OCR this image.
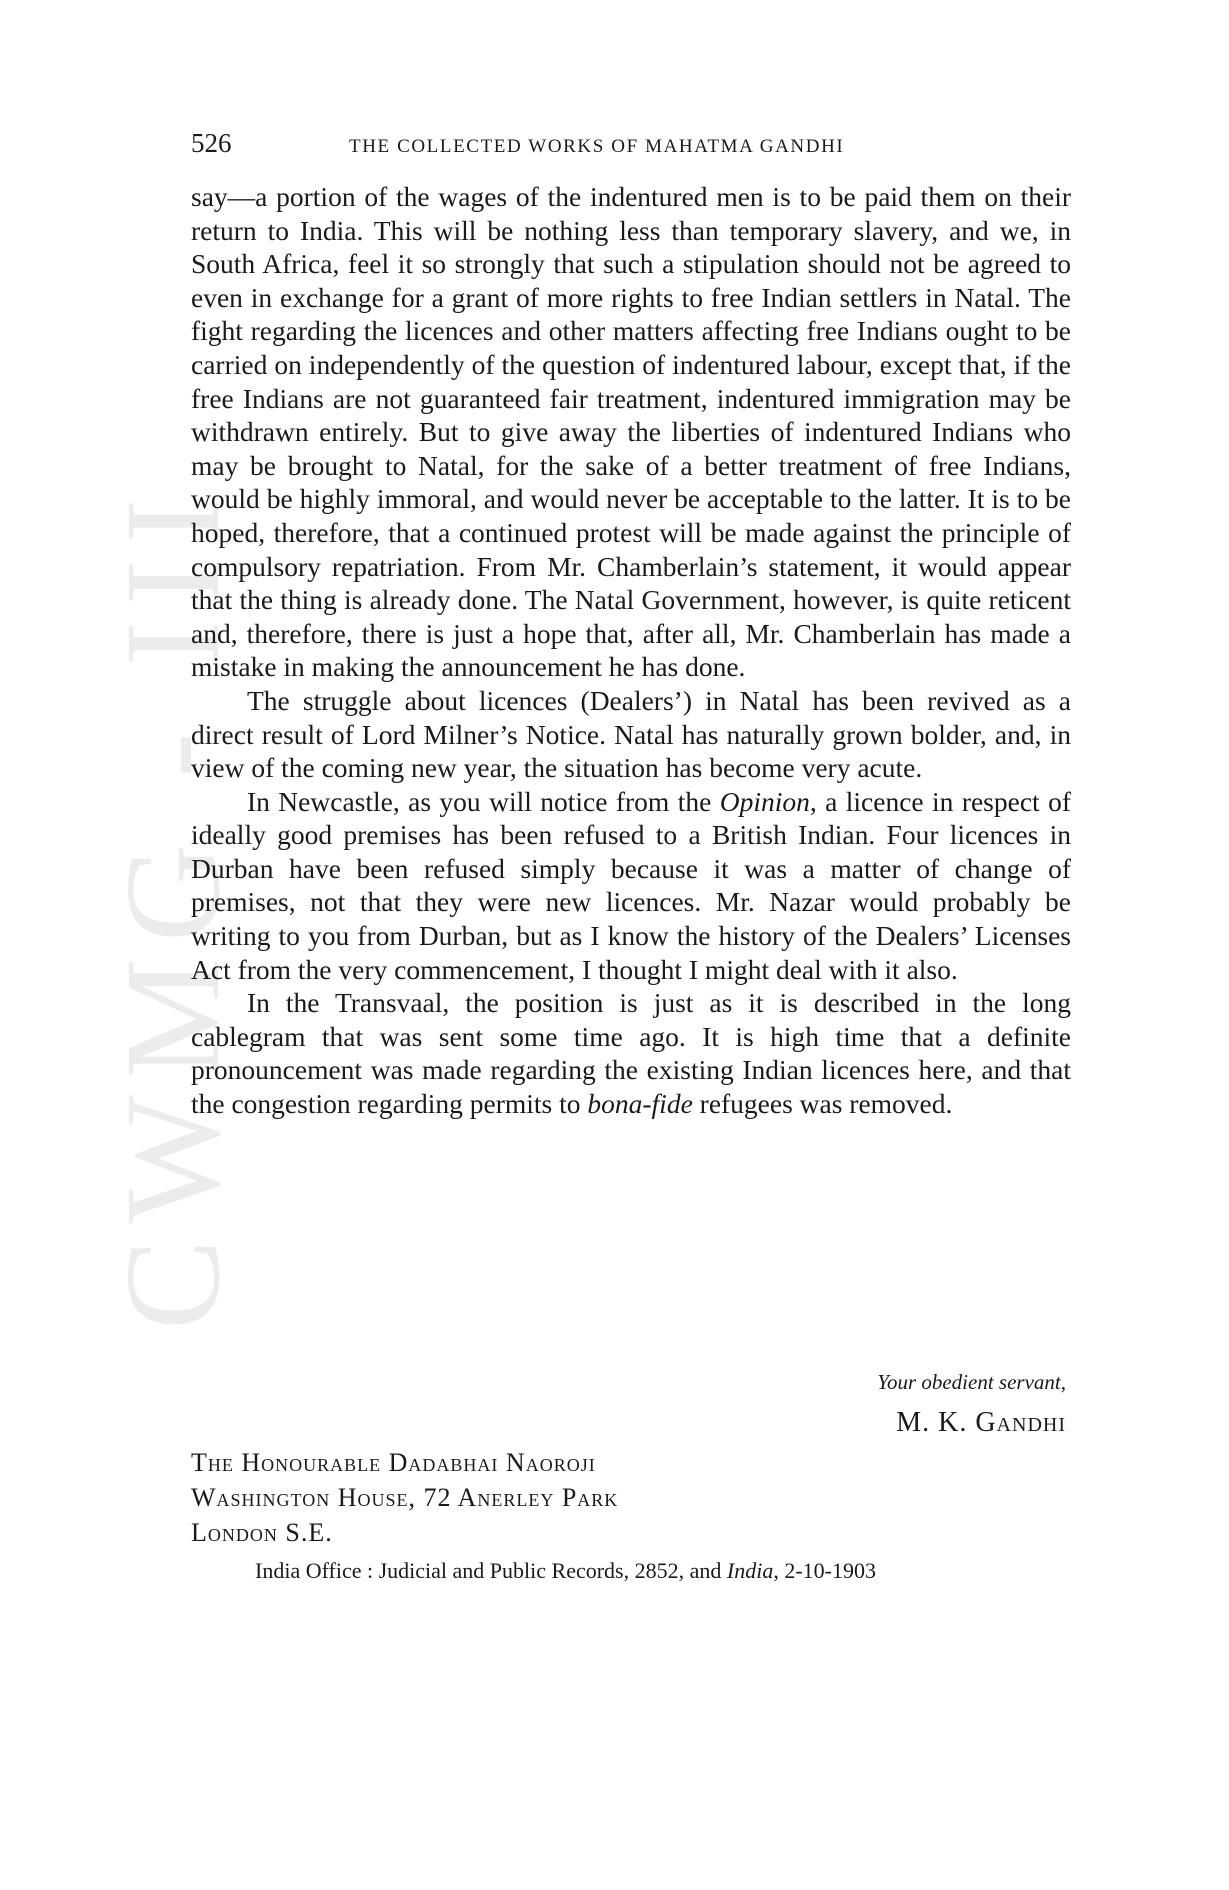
CWMG - III
526	THE COLLECTED WORKS OF MAHATMA GANDHI

say—a portion of the wages of the indentured men is to be paid them on their return to India. This will be nothing less than temporary slavery, and we, in South Africa, feel it so strongly that such a stipulation should not be agreed to even in exchange for a grant of more rights to free Indian settlers in Natal. The fight regarding the licences and other matters affecting free Indians ought to be carried on independently of the question of indentured labour, except that, if the free Indians are not guaranteed fair treatment, indentured immigration may be withdrawn entirely. But to give away the liberties of indentured Indians who may be brought to Natal, for the sake of a better treatment of free Indians, would be highly immoral, and would never be acceptable to the latter. It is to be hoped, therefore, that a continued protest will be made against the principle of compulsory repatriation. From Mr. Chamberlain’s statement, it would appear that the thing is already done. The Natal Government, however, is quite reticent and, therefore, there is just a hope that, after all, Mr. Chamberlain has made a mistake in making the announcement he has done.

The struggle about licences (Dealers’) in Natal has been revived as a direct result of Lord Milner’s Notice. Natal has naturally grown bolder, and, in view of the coming new year, the situation has become very acute.

In Newcastle, as you will notice from the Opinion, a licence in respect of ideally good premises has been refused to a British Indian. Four licences in Durban have been refused simply because it was a matter of change of premises, not that they were new licences. Mr. Nazar would probably be writing to you from Durban, but as I know the history of the Dealers’ Licenses Act from the very commencement, I thought I might deal with it also.

In the Transvaal, the position is just as it is described in the long cablegram that was sent some time ago. It is high time that a definite pronouncement was made regarding the existing Indian licences here, and that the congestion regarding permits to bona-fide refugees was removed.

Your obedient servant,
M. K. Gandhi
The Honourable Dadabhai Naoroji
Washington House, 72 Anerley Park
London S.E.
India Office : Judicial and Public Records, 2852, and India, 2-10-1903
